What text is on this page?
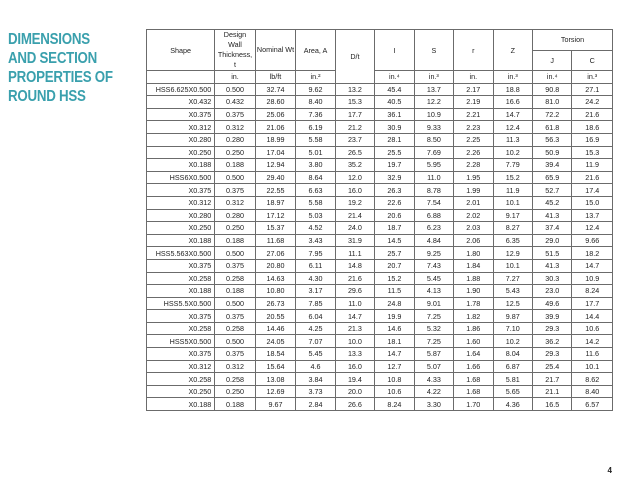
DIMENSIONS
AND SECTION
PROPERTIES OF
ROUND HSS
Shape	Design Wall Thickness, t	Nominal Wt	Area, A	D/t	I	S	r	Z	Torsion	
									J	C
	in.	lb/ft	in.²		in.⁴	in.³	in.	in.³	in.⁴	in.³
HSS6.625X0.500	0.500	32.74	9.62	13.2	45.4	13.7	2.17	18.8	90.8	27.1
X0.432	0.432	28.60	8.40	15.3	40.5	12.2	2.19	16.6	81.0	24.2
X0.375	0.375	25.06	7.36	17.7	36.1	10.9	2.21	14.7	72.2	21.6
X0.312	0.312	21.06	6.19	21.2	30.9	9.33	2.23	12.4	61.8	18.6
X0.280	0.280	18.99	5.58	23.7	28.1	8.50	2.25	11.3	56.3	16.9
X0.250	0.250	17.04	5.01	26.5	25.5	7.69	2.26	10.2	50.9	15.3
X0.188	0.188	12.94	3.80	35.2	19.7	5.95	2.28	7.79	39.4	11.9
HSS6X0.500	0.500	29.40	8.64	12.0	32.9	11.0	1.95	15.2	65.9	21.6
X0.375	0.375	22.55	6.63	16.0	26.3	8.78	1.99	11.9	52.7	17.4
X0.312	0.312	18.97	5.58	19.2	22.6	7.54	2.01	10.1	45.2	15.0
X0.280	0.280	17.12	5.03	21.4	20.6	6.88	2.02	9.17	41.3	13.7
X0.250	0.250	15.37	4.52	24.0	18.7	6.23	2.03	8.27	37.4	12.4
X0.188	0.188	11.68	3.43	31.9	14.5	4.84	2.06	6.35	29.0	9.66
HSS5.563X0.500	0.500	27.06	7.95	11.1	25.7	9.25	1.80	12.9	51.5	18.2
X0.375	0.375	20.80	6.11	14.8	20.7	7.43	1.84	10.1	41.3	14.7
X0.258	0.258	14.63	4.30	21.6	15.2	5.45	1.88	7.27	30.3	10.9
X0.188	0.188	10.80	3.17	29.6	11.5	4.13	1.90	5.43	23.0	8.24
HSS5.5X0.500	0.500	26.73	7.85	11.0	24.8	9.01	1.78	12.5	49.6	17.7
X0.375	0.375	20.55	6.04	14.7	19.9	7.25	1.82	9.87	39.9	14.4
X0.258	0.258	14.46	4.25	21.3	14.6	5.32	1.86	7.10	29.3	10.6
HSS5X0.500	0.500	24.05	7.07	10.0	18.1	7.25	1.60	10.2	36.2	14.2
X0.375	0.375	18.54	5.45	13.3	14.7	5.87	1.64	8.04	29.3	11.6
X0.312	0.312	15.64	4.6	16.0	12.7	5.07	1.66	6.87	25.4	10.1
X0.258	0.258	13.08	3.84	19.4	10.8	4.33	1.68	5.81	21.7	8.62
X0.250	0.250	12.69	3.73	20.0	10.6	4.22	1.68	5.65	21.1	8.40
X0.188	0.188	9.67	2.84	26.6	8.24	3.30	1.70	4.36	16.5	6.57
4
